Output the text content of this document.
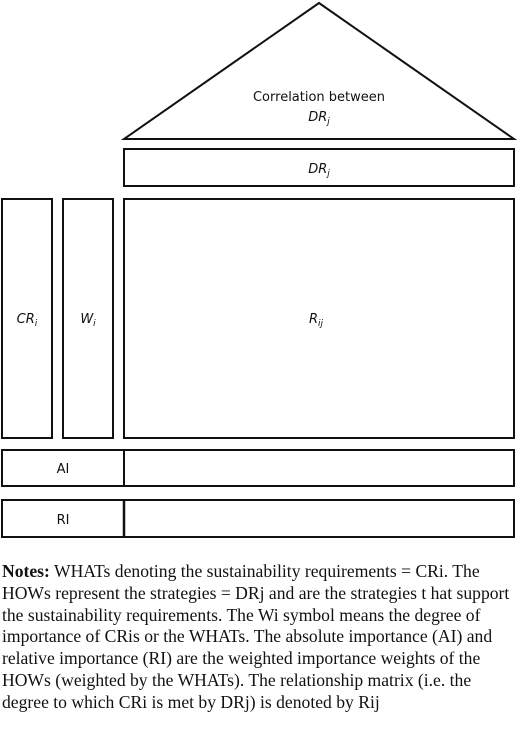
Correlation between
$DR_j$
$DR_j$
$CR_i$	$W_i$	$R_{ij}$
AI
RI

Notes: WHATs denoting the sustainability requirements = CRi. The HOWs represent the strategies = DRj and are the strategies t hat support the sustainability requirements. The Wi symbol means the degree of importance of CRis or the WHATs. The absolute importance (AI) and relative importance (RI) are the weighted importance weights of the HOWs (weighted by the WHATs). The relationship matrix (i.e. the degree to which CRi is met by DRj) is denoted by Rij
